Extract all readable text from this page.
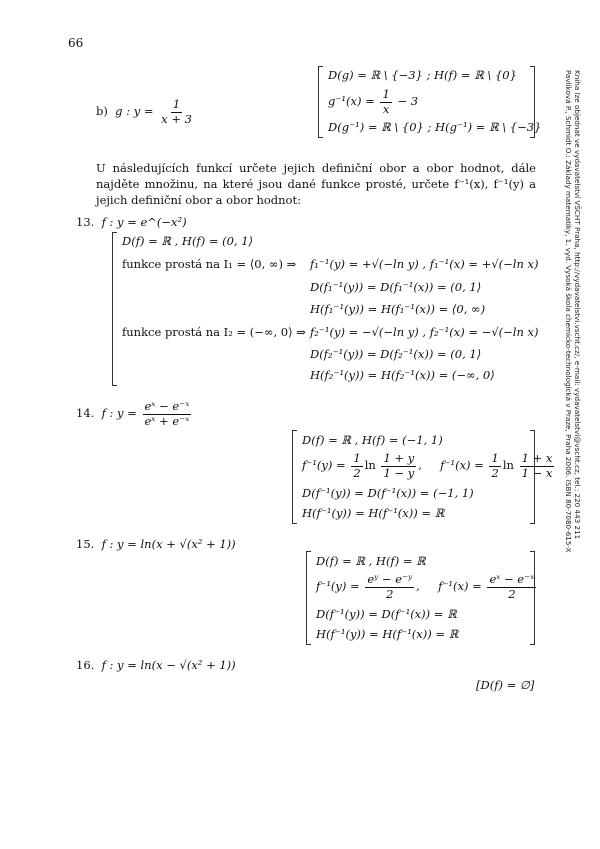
66
Pavlíková P., Schmidt O.: Základy matematiky, 1. vyd. Vysoká škola chemicko-technologická v Praze, Praha 2006. ISBN 80-7080-615-X Kniha lze objednat ve vydavatelství VŠCHT Praha, http://vydavatelstvi.vscht.cz/, e-mail: vydavatelstvi@vscht.cz, tel.: 220 443 211
b) g : $y = \frac{1}{x + 3}$
D(g) = ℝ \ {−3} ; H(f) = ℝ \ {0}
$g^{-1}(x) = \frac{1}{x} - 3$
D(g⁻¹) = ℝ \ {0} ; H(g⁻¹) = ℝ \ {−3}
U následujících funkcí určete jejich definiční obor a obor hodnot, dále najděte množinu, na které jsou dané funkce prosté, určete f⁻¹(x), f⁻¹(y) a jejich definiční obor a obor hodnot:
13. f : y = e^(−x²)
D(f) = ℝ , H(f) = (0, 1⟩
funkce prostá na I₁ = ⟨0, ∞) ⇒ f₁⁻¹(y) = +√(−ln y) , f₁⁻¹(x) = +√(−ln x)
D(f₁⁻¹(y)) = D(f₁⁻¹(x)) = (0, 1⟩
H(f₁⁻¹(y)) = H(f₁⁻¹(x)) = ⟨0, ∞)
funkce prostá na I₂ = (−∞, 0⟩ ⇒ f₂⁻¹(y) = −√(−ln y) , f₂⁻¹(x) = −√(−ln x)
D(f₂⁻¹(y)) = D(f₂⁻¹(x)) = (0, 1⟩
H(f₂⁻¹(y)) = H(f₂⁻¹(x)) = (−∞, 0⟩
14. f : $y = \frac{\text{eˣ − e⁻ˣ}}{\text{eˣ + e⁻ˣ}}$
D(f) = ℝ , H(f) = (−1, 1)
$f^{-1}(y) = \frac{1}{2}$ $\ln \frac{1 + y}{1 - y}$ , $f^{-1}(x) = \frac{1}{2}$ $\ln \frac{1 + x}{1 - x}$
D(f⁻¹(y)) = D(f⁻¹(x)) = (−1, 1)
H(f⁻¹(y)) = H(f⁻¹(x)) = ℝ
15. f : y = ln(x + √(x² + 1))
D(f) = ℝ , H(f) = ℝ
$f^{-1}(y) = \frac{\text{eʸ − e⁻ʸ}}{2}$ , $f^{-1}(x) = \frac{\text{eˣ − e⁻ˣ}}{2}$
D(f⁻¹(y)) = D(f⁻¹(x)) = ℝ
H(f⁻¹(y)) = H(f⁻¹(x)) = ℝ
16. f : y = ln(x − √(x² + 1))
[D(f) = ∅]
